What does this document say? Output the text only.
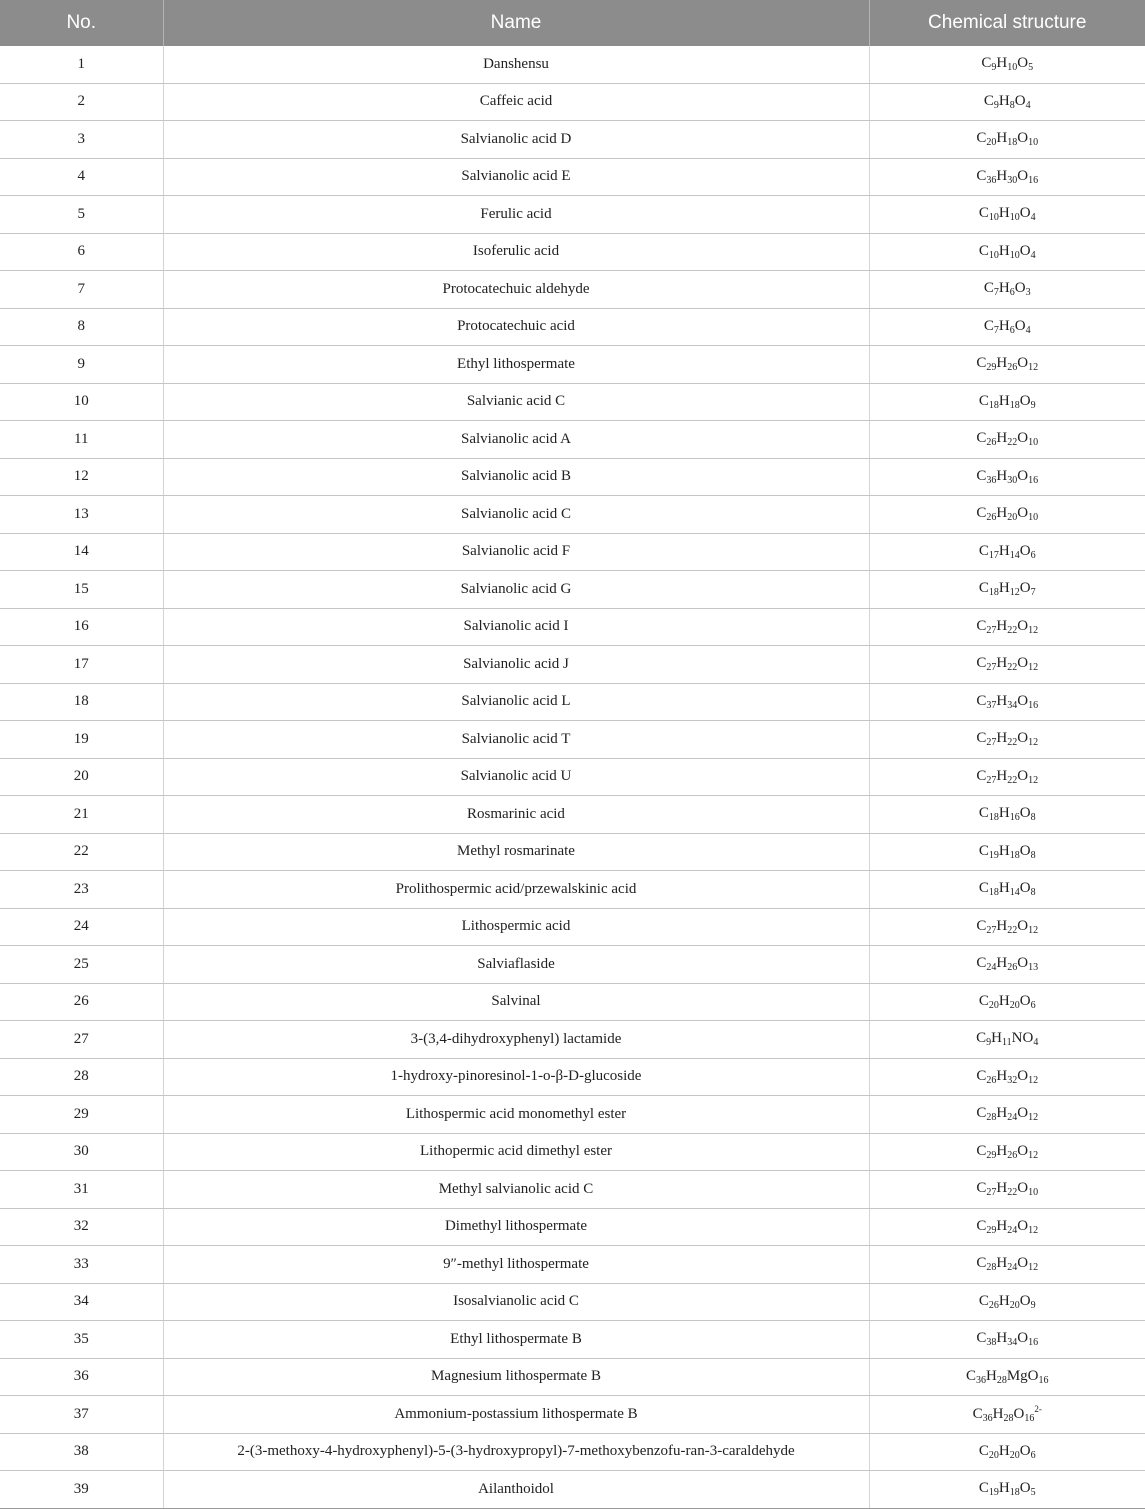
No.	Name	Chemical structure
1	Danshensu	$C_9H_{10}O_5$
2	Caffeic acid	$C_9H_8O_4$
3	Salvianolic acid D	$C_{20}H_{18}O_{10}$
4	Salvianolic acid E	$C_{36}H_{30}O_{16}$
5	Ferulic acid	$C_{10}H_{10}O_4$
6	Isoferulic acid	$C_{10}H_{10}O_4$
7	Protocatechuic aldehyde	$C_7H_6O_3$
8	Protocatechuic acid	$C_7H_6O_4$
9	Ethyl lithospermate	$C_{29}H_{26}O_{12}$
10	Salvianic acid C	$C_{18}H_{18}O_9$
11	Salvianolic acid A	$C_{26}H_{22}O_{10}$
12	Salvianolic acid B	$C_{36}H_{30}O_{16}$
13	Salvianolic acid C	$C_{26}H_{20}O_{10}$
14	Salvianolic acid F	$C_{17}H_{14}O_6$
15	Salvianolic acid G	$C_{18}H_{12}O_7$
16	Salvianolic acid I	$C_{27}H_{22}O_{12}$
17	Salvianolic acid J	$C_{27}H_{22}O_{12}$
18	Salvianolic acid L	$C_{37}H_{34}O_{16}$
19	Salvianolic acid T	$C_{27}H_{22}O_{12}$
20	Salvianolic acid U	$C_{27}H_{22}O_{12}$
21	Rosmarinic acid	$C_{18}H_{16}O_8$
22	Methyl rosmarinate	$C_{19}H_{18}O_8$
23	Prolithospermic acid/przewalskinic acid	$C_{18}H_{14}O_8$
24	Lithospermic acid	$C_{27}H_{22}O_{12}$
25	Salviaflaside	$C_{24}H_{26}O_{13}$
26	Salvinal	$C_{20}H_{20}O_6$
27	3-(3,4-dihydroxyphenyl) lactamide	$C_9H_{11}NO_4$
28	1-hydroxy-pinoresinol-1-o-β-D-glucoside	$C_{26}H_{32}O_{12}$
29	Lithospermic acid monomethyl ester	$C_{28}H_{24}O_{12}$
30	Lithopermic acid dimethyl ester	$C_{29}H_{26}O_{12}$
31	Methyl salvianolic acid C	$C_{27}H_{22}O_{10}$
32	Dimethyl lithospermate	$C_{29}H_{24}O_{12}$
33	9″-methyl lithospermate	$C_{28}H_{24}O_{12}$
34	Isosalvianolic acid C	$C_{26}H_{20}O_9$
35	Ethyl lithospermate B	$C_{38}H_{34}O_{16}$
36	Magnesium lithospermate B	$C_{36}H_{28}MgO_{16}$
37	Ammonium-postassium lithospermate B	$C_{36}H_{28}O_{16}^{2-}$
38	2-(3-methoxy-4-hydroxyphenyl)-5-(3-hydroxypropyl)-7-methoxybenzofu-ran-3-caraldehyde	$C_{20}H_{20}O_6$
39	Ailanthoidol	$C_{19}H_{18}O_5$
